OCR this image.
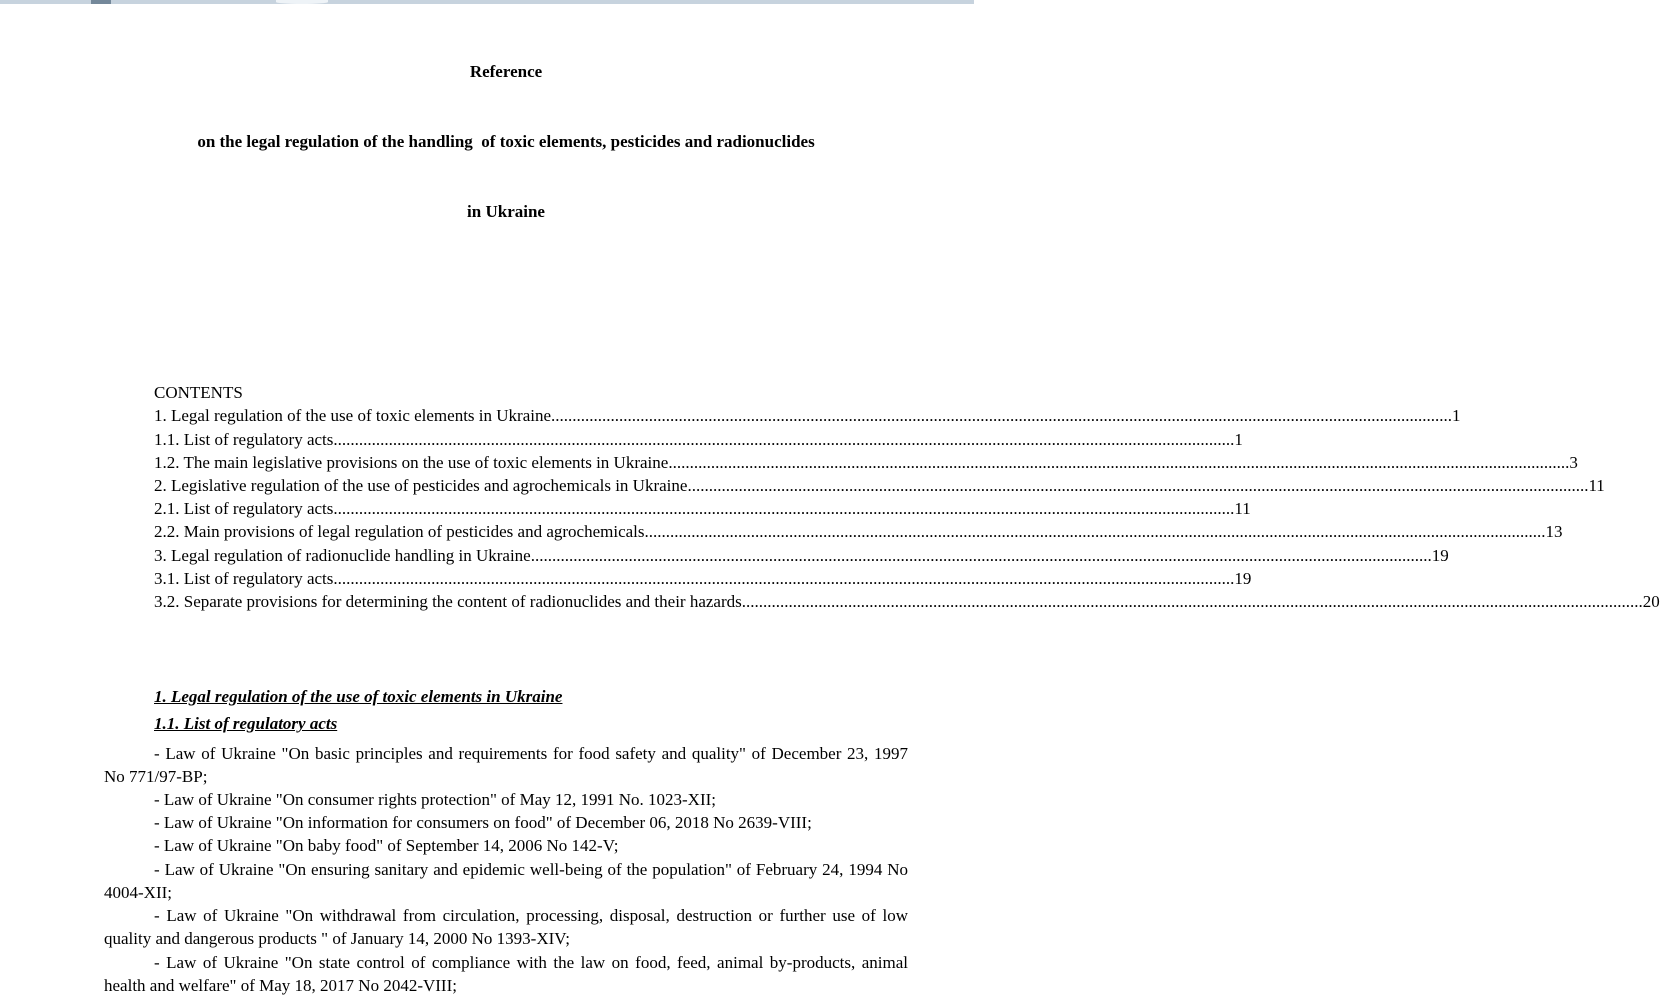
Reference

on the legal regulation of the handling  of toxic elements, pesticides and radionuclides

in Ukraine

CONTENTS
1. Legal regulation of the use of toxic elements in Ukraine .....	1
1.1. List of regulatory acts .....	1
1.2. The main legislative provisions on the use of toxic elements in Ukraine .....	3
2. Legislative regulation of the use of pesticides and agrochemicals in Ukraine .....	11
2.1. List of regulatory acts .....	11
2.2. Main provisions of legal regulation of pesticides and agrochemicals .....	13
3. Legal regulation of radionuclide handling in Ukraine .....	19
3.1. List of regulatory acts .....	19
3.2. Separate provisions for determining the content of radionuclides and their hazards .....	20
1. Legal regulation of the use of toxic elements in Ukraine
1.1. List of regulatory acts

- Law of Ukraine "On basic principles and requirements for food safety and quality" of December 23, 1997 No 771/97-BP;

- Law of Ukraine "On consumer rights protection" of May 12, 1991 No. 1023-XII;

- Law of Ukraine "On information for consumers on food" of December 06, 2018 No 2639-VIII;

- Law of Ukraine "On baby food" of September 14, 2006 No 142-V;

- Law of Ukraine "On ensuring sanitary and epidemic well-being of the population" of February 24, 1994 No 4004-XII;

- Law of Ukraine "On withdrawal from circulation, processing, disposal, destruction or further use of low quality and dangerous products " of January 14, 2000 No 1393-XIV;

- Law of Ukraine "On state control of compliance with the law on food, feed, animal by-products, animal health and welfare" of May 18, 2017 No 2042-VIII;
